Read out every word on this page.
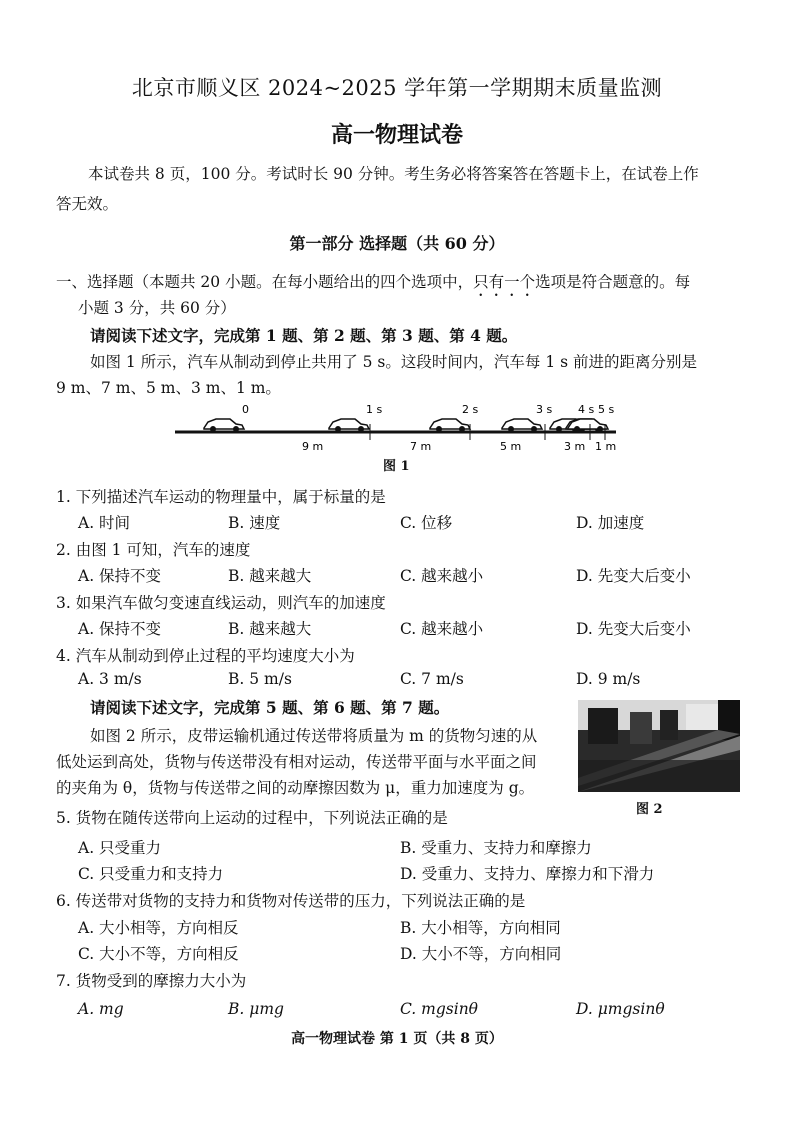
北京市顺义区 2024~2025 学年第一学期期末质量监测
高一物理试卷
本试卷共 8 页，100 分。考试时长 90 分钟。考生务必将答案答在答题卡上，在试卷上作
答无效。
第一部分 选择题（共 60 分）
一、选择题（本题共 20 小题。在每小题给出的四个选项中，只有一个选项是符合题意的。每
小题 3 分，共 60 分）
请阅读下述文字，完成第 1 题、第 2 题、第 3 题、第 4 题。
如图 1 所示，汽车从制动到停止共用了 5 s。这段时间内，汽车每 1 s 前进的距离分别是
9 m、7 m、5 m、3 m、1 m。
0	1 s	2 s	3 s 4 s 5 s
9 m	7 m	5 m	3 m 1 m
图 1
1. 下列描述汽车运动的物理量中，属于标量的是
A. 时间	B. 速度	C. 位移	D. 加速度
2. 由图 1 可知，汽车的速度
A. 保持不变	B. 越来越大	C. 越来越小	D. 先变大后变小
3. 如果汽车做匀变速直线运动，则汽车的加速度
A. 保持不变	B. 越来越大	C. 越来越小	D. 先变大后变小
4. 汽车从制动到停止过程的平均速度大小为
A. 3 m/s	B. 5 m/s	C. 7 m/s	D. 9 m/s
请阅读下述文字，完成第 5 题、第 6 题、第 7 题。
如图 2 所示，皮带运输机通过传送带将质量为 m 的货物匀速的从
低处运到高处，货物与传送带没有相对运动，传送带平面与水平面之间
的夹角为 θ，货物与传送带之间的动摩擦因数为 μ，重力加速度为 g。
图 2
5. 货物在随传送带向上运动的过程中，下列说法正确的是
A. 只受重力	B. 受重力、支持力和摩擦力
C. 只受重力和支持力	D. 受重力、支持力、摩擦力和下滑力
6. 传送带对货物的支持力和货物对传送带的压力，下列说法正确的是
A. 大小相等，方向相反	B. 大小相等，方向相同
C. 大小不等，方向相反	D. 大小不等，方向相同
7. 货物受到的摩擦力大小为
A. mg	B. μmg	C. mgsinθ	D. μmgsinθ
高一物理试卷 第 1 页（共 8 页）
